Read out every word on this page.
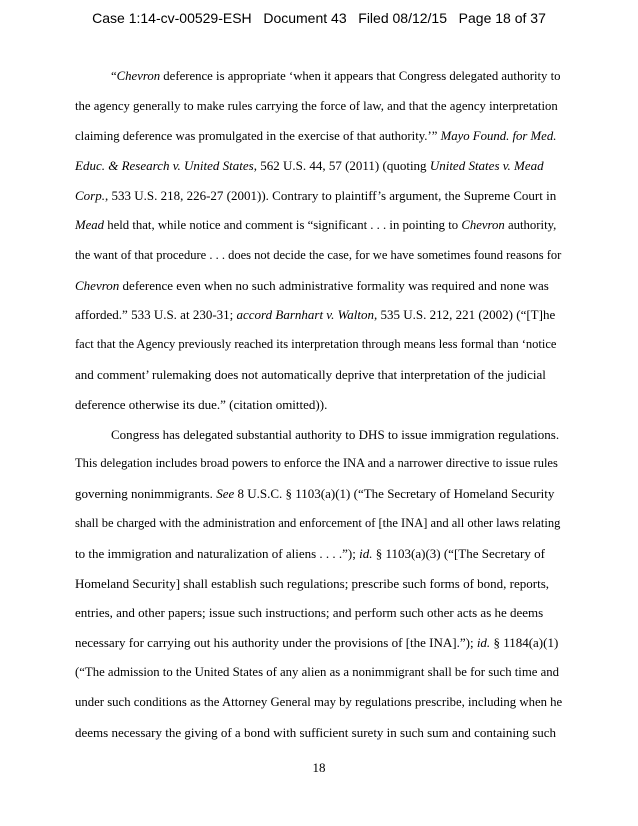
Case 1:14-cv-00529-ESH   Document 43   Filed 08/12/15   Page 18 of 37
“Chevron deference is appropriate ‘when it appears that Congress delegated authority to
the agency generally to make rules carrying the force of law, and that the agency interpretation
claiming deference was promulgated in the exercise of that authority.’” Mayo Found. for Med.
Educ. & Research v. United States, 562 U.S. 44, 57 (2011) (quoting United States v. Mead
Corp., 533 U.S. 218, 226-27 (2001)). Contrary to plaintiff’s argument, the Supreme Court in
Mead held that, while notice and comment is “significant . . . in pointing to Chevron authority,
the want of that procedure . . . does not decide the case, for we have sometimes found reasons for
Chevron deference even when no such administrative formality was required and none was
afforded.” 533 U.S. at 230-31; accord Barnhart v. Walton, 535 U.S. 212, 221 (2002) (“[T]he
fact that the Agency previously reached its interpretation through means less formal than ‘notice
and comment’ rulemaking does not automatically deprive that interpretation of the judicial
deference otherwise its due.” (citation omitted)).
Congress has delegated substantial authority to DHS to issue immigration regulations.
This delegation includes broad powers to enforce the INA and a narrower directive to issue rules
governing nonimmigrants. See 8 U.S.C. § 1103(a)(1) (“The Secretary of Homeland Security
shall be charged with the administration and enforcement of [the INA] and all other laws relating
to the immigration and naturalization of aliens . . . .”); id. § 1103(a)(3) (“[The Secretary of
Homeland Security] shall establish such regulations; prescribe such forms of bond, reports,
entries, and other papers; issue such instructions; and perform such other acts as he deems
necessary for carrying out his authority under the provisions of [the INA].”); id. § 1184(a)(1)
(“The admission to the United States of any alien as a nonimmigrant shall be for such time and
under such conditions as the Attorney General may by regulations prescribe, including when he
deems necessary the giving of a bond with sufficient surety in such sum and containing such
18
